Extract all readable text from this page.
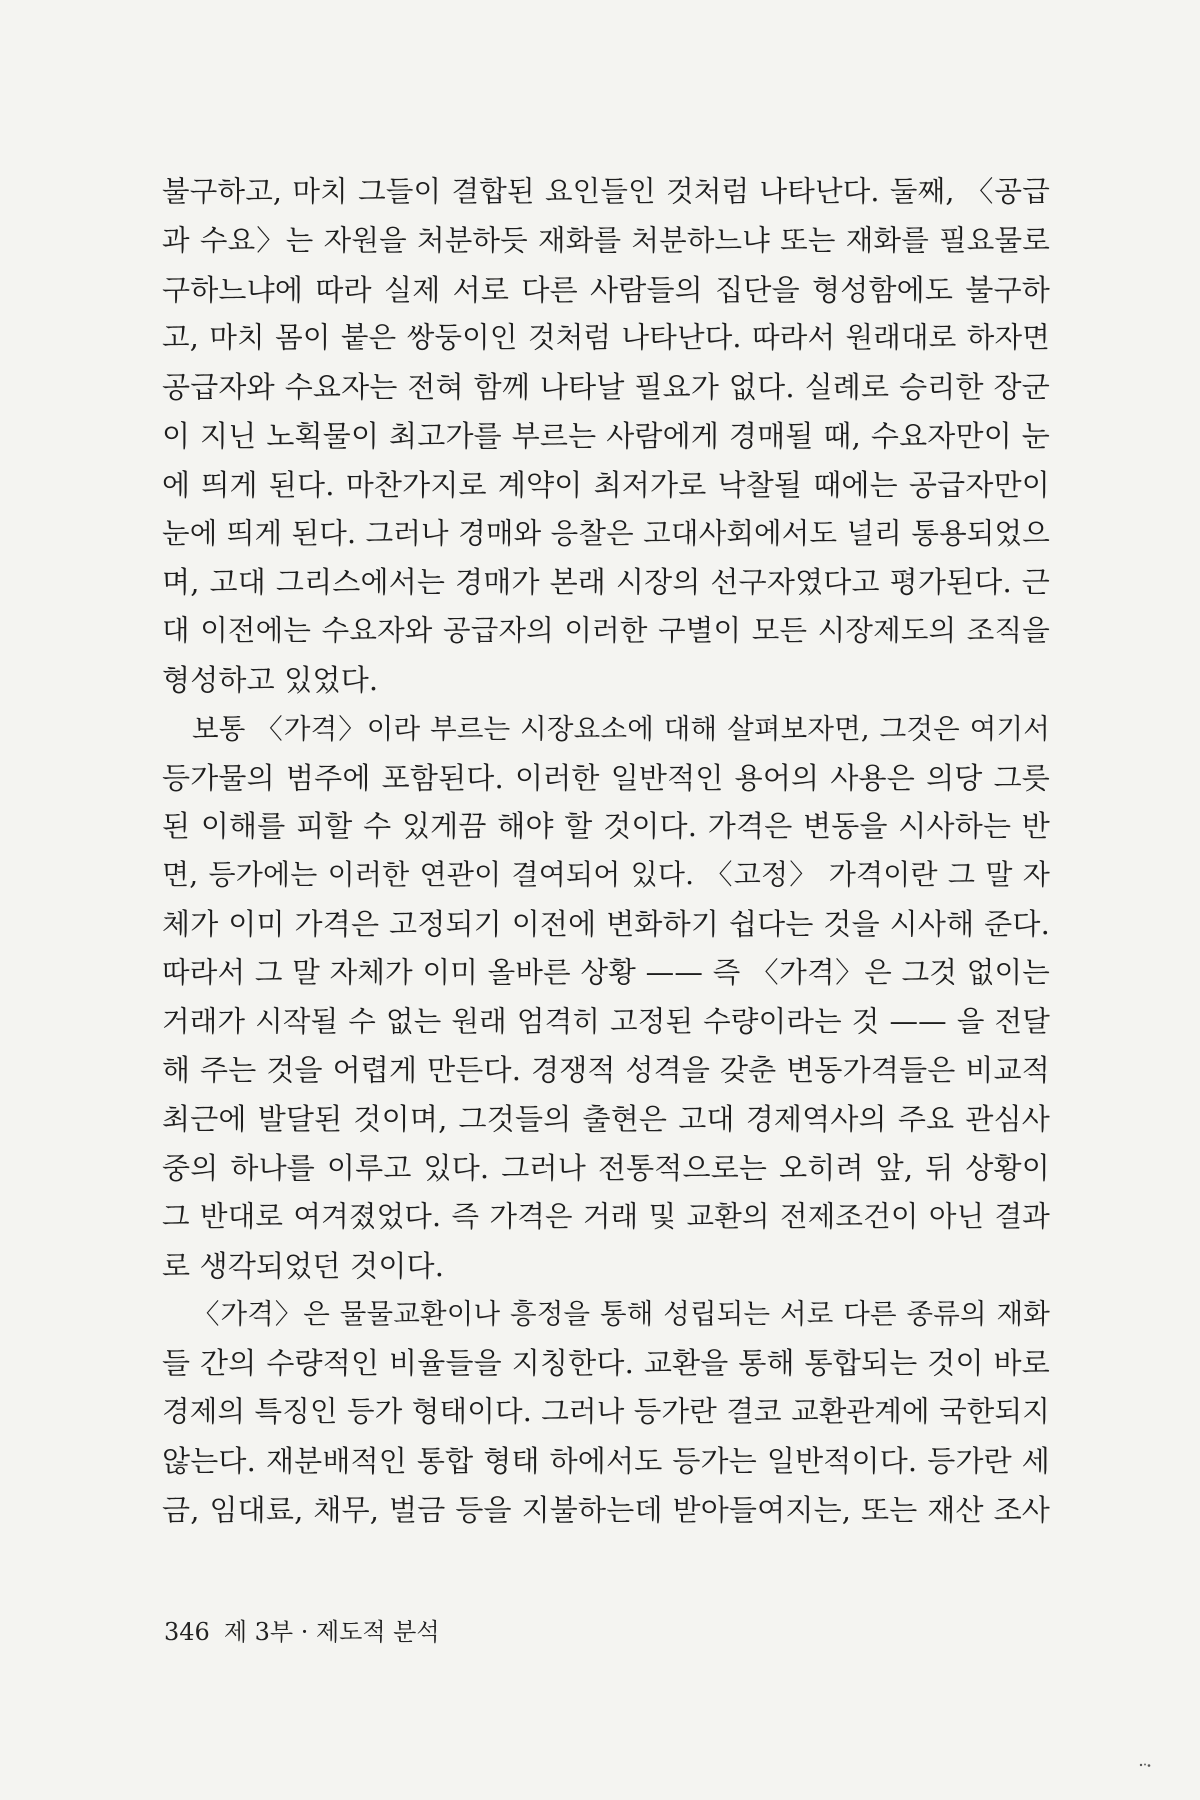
불구하고, 마치 그들이 결합된 요인들인 것처럼 나타난다. 둘째, 〈공급
과 수요〉는 자원을 처분하듯 재화를 처분하느냐 또는 재화를 필요물로
구하느냐에 따라 실제 서로 다른 사람들의 집단을 형성함에도 불구하
고, 마치 몸이 붙은 쌍둥이인 것처럼 나타난다. 따라서 원래대로 하자면
공급자와 수요자는 전혀 함께 나타날 필요가 없다. 실례로 승리한 장군
이 지닌 노획물이 최고가를 부르는 사람에게 경매될 때, 수요자만이 눈
에 띄게 된다. 마찬가지로 계약이 최저가로 낙찰될 때에는 공급자만이
눈에 띄게 된다. 그러나 경매와 응찰은 고대사회에서도 널리 통용되었으
며, 고대 그리스에서는 경매가 본래 시장의 선구자였다고 평가된다. 근
대 이전에는 수요자와 공급자의 이러한 구별이 모든 시장제도의 조직을
형성하고 있었다.
보통 〈가격〉이라 부르는 시장요소에 대해 살펴보자면, 그것은 여기서
등가물의 범주에 포함된다. 이러한 일반적인 용어의 사용은 의당 그릇
된 이해를 피할 수 있게끔 해야 할 것이다. 가격은 변동을 시사하는 반
면, 등가에는 이러한 연관이 결여되어 있다. 〈고정〉 가격이란 그 말 자
체가 이미 가격은 고정되기 이전에 변화하기 쉽다는 것을 시사해 준다.
따라서 그 말 자체가 이미 올바른 상황 —— 즉 〈가격〉은 그것 없이는
거래가 시작될 수 없는 원래 엄격히 고정된 수량이라는 것 —— 을 전달
해 주는 것을 어렵게 만든다. 경쟁적 성격을 갖춘 변동가격들은 비교적
최근에 발달된 것이며, 그것들의 출현은 고대 경제역사의 주요 관심사
중의 하나를 이루고 있다. 그러나 전통적으로는 오히려 앞, 뒤 상황이
그 반대로 여겨졌었다. 즉 가격은 거래 및 교환의 전제조건이 아닌 결과
로 생각되었던 것이다.
〈가격〉은 물물교환이나 흥정을 통해 성립되는 서로 다른 종류의 재화
들 간의 수량적인 비율들을 지칭한다. 교환을 통해 통합되는 것이 바로
경제의 특징인 등가 형태이다. 그러나 등가란 결코 교환관계에 국한되지
않는다. 재분배적인 통합 형태 하에서도 등가는 일반적이다. 등가란 세
금, 임대료, 채무, 벌금 등을 지불하는데 받아들여지는, 또는 재산 조사
346 제 3부 · 제도적 분석
